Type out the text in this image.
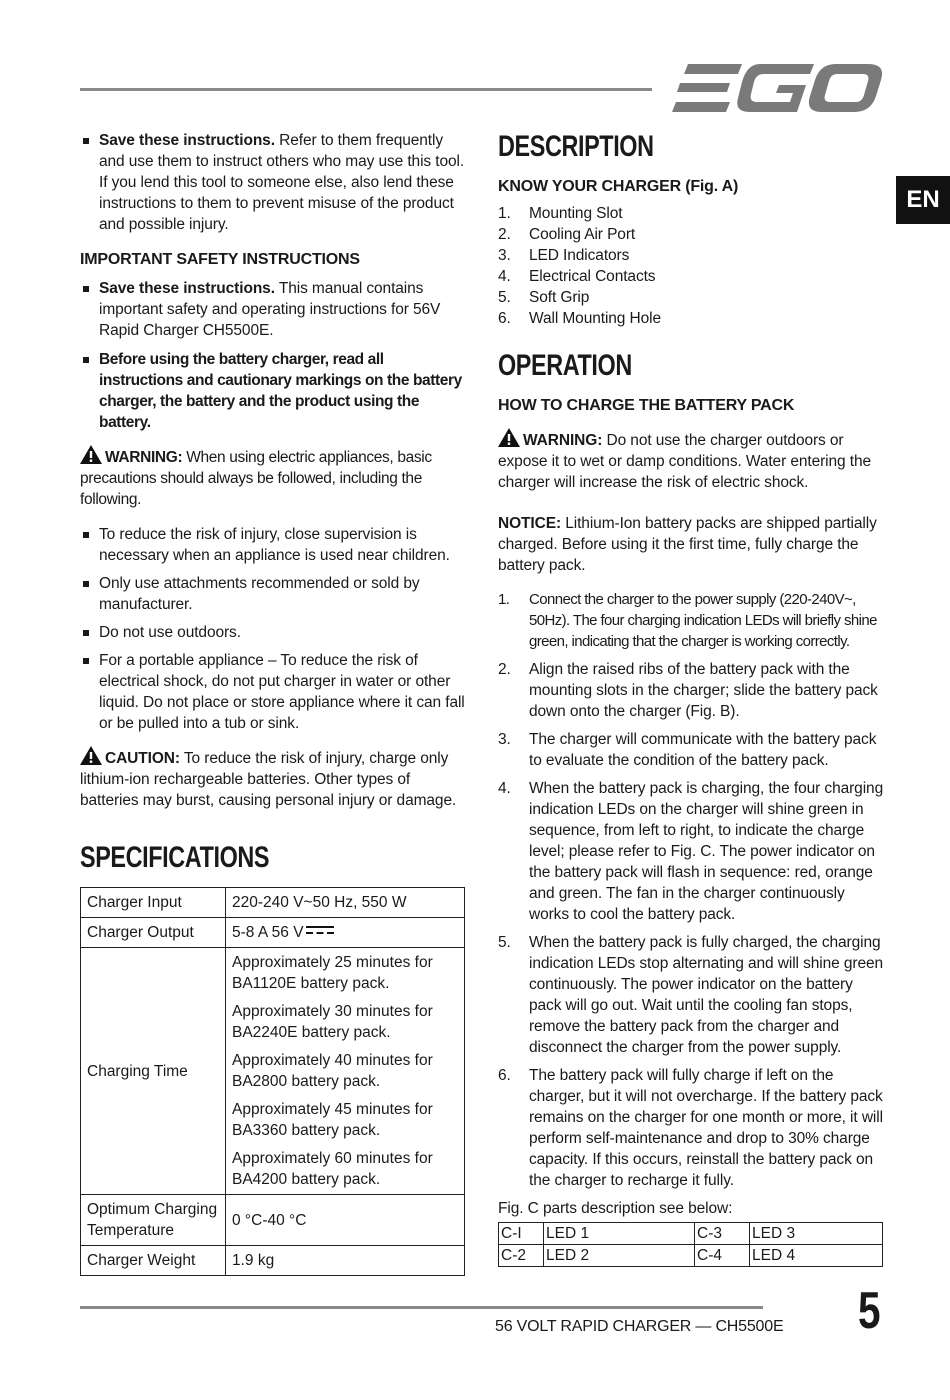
EN

Save these instructions. Refer to them frequently and use them to instruct others who may use this tool. If you lend this tool to someone else, also lend these instructions to them to prevent misuse of the product and possible injury.

IMPORTANT SAFETY INSTRUCTIONS

Save these instructions. This manual contains important safety and operating instructions for 56V Rapid Charger CH5500E.

Before using the battery charger, read all instructions and cautionary markings on the battery charger, the battery and the product using the battery.

WARNING: When using electric appliances, basic precautions should always be followed, including the following.

To reduce the risk of injury, close supervision is necessary when an appliance is used near children.

Only use attachments recommended or sold by manufacturer.

Do not use outdoors.

For a portable appliance – To reduce the risk of electrical shock, do not put charger in water or other liquid. Do not place or store appliance where it can fall or be pulled into a tub or sink.

CAUTION: To reduce the risk of injury, charge only lithium-ion rechargeable batteries. Other types of batteries may burst, causing personal injury or damage.

SPECIFICATIONS
Charger Input	220-240 V~50 Hz, 550 W
Charger Output	5-8 A 56 V
Charging Time	Approximately 25 minutes for BA1120E battery pack.

Approximately 30 minutes for BA2240E battery pack.

Approximately 40 minutes for BA2800 battery pack.

Approximately 45 minutes for BA3360 battery pack.

Approximately 60 minutes for BA4200 battery pack.

Optimum Charging Temperature	0 °C-40 °C
Charger Weight	1.9 kg
DESCRIPTION

KNOW YOUR CHARGER (Fig. A)

1. Mounting Slot
2. Cooling Air Port
3. LED Indicators
4. Electrical Contacts
5. Soft Grip
6. Wall Mounting Hole
OPERATION

HOW TO CHARGE THE BATTERY PACK

WARNING: Do not use the charger outdoors or expose it to wet or damp conditions. Water entering the charger will increase the risk of electric shock.

NOTICE: Lithium-Ion battery packs are shipped partially charged. Before using it the first time, fully charge the battery pack.

1. Connect the charger to the power supply (220-240V~, 50Hz). The four charging indication LEDs will briefly shine green, indicating that the charger is working correctly.
2. Align the raised ribs of the battery pack with the mounting slots in the charger; slide the battery pack down onto the charger (Fig. B).
3. The charger will communicate with the battery pack to evaluate the condition of the battery pack.
4. When the battery pack is charging, the four charging indication LEDs on the charger will shine green in sequence, from left to right, to indicate the charge level; please refer to Fig. C. The power indicator on the battery pack will flash in sequence: red, orange and green. The fan in the charger continuously works to cool the battery pack.
5. When the battery pack is fully charged, the charging indication LEDs stop alternating and will shine green continuously. The power indicator on the battery pack will go out. Wait until the cooling fan stops, remove the battery pack from the charger and disconnect the charger from the power supply.
6. The battery pack will fully charge if left on the charger, but it will not overcharge. If the battery pack remains on the charger for one month or more, it will perform self-maintenance and drop to 30% charge capacity. If this occurs, reinstall the battery pack on the charger to recharge it fully.

Fig. C parts description see below:

C-I	LED 1	C-3	LED 3
C-2	LED 2	C-4	LED 4
56 VOLT RAPID CHARGER — CH5500E 5
